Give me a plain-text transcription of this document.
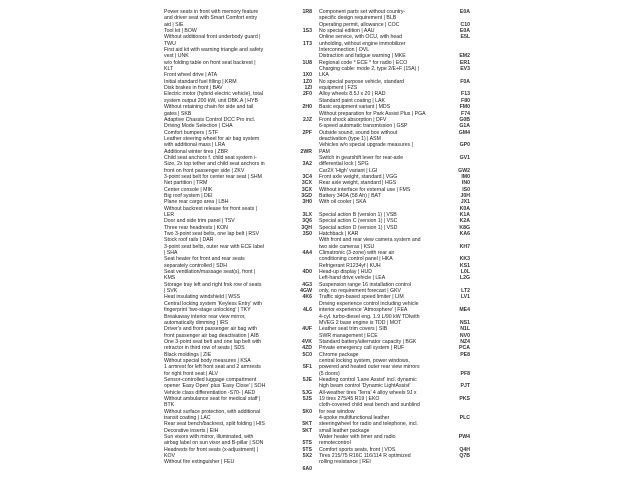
Power seats in front with memory feature
and driver seat with Smart Comfort entry
aid | SIE
Tool kit | BOW
Without additional front underbody guard |
TWU
First aid kit with warning triangle and safety
vest | UNK
w/o folding table on front seat backrest |
KLT
Front wheel drive | ATA
Initial standard fuel filling | KRM
Disk brakes in front | BAV
Electric motor (hybrid electric vehicle), total
system output 200 kW, unit DBK.A | HYB
Without retaining chain for side and tail
gates | SKB
Adaptive Chassis Control DCC Pro incl.
Driving Mode Selection | CHA
Comfort bumpers | STF
Leather steering wheel for air bag system
with additional mass | LRA
Additional winter tires | ZBR
Child seat anchors f. child seat system i-
Size, 2x top tether and child seat anchors in
front on front passenger side | ZKV
3-point seat belt for center rear seat | SHM
Net partition | TRM
Center console | MIK
Big roof system | DEI
Plane rear cargo area | LBH
Without backrest release for front seats |
LER
Door and side trim panel | TSV
Three rear headrests | KON
Two 3-point seat belts, one lap belt | RSV
Stock roof rails | DAR
3-point seat belts, outer rear with ECE label
| SHA
Seat heater for front and rear seats
separately controlled | SDH
Seat ventilation/massage seat(s), front |
KMS
Storage tray left and right frsk row of seats
| SVK
Heat insulating windshield | WSS
Central locking system 'Keyless Entry' with
fingerprint 'two-stage unlocking' | TKY
Breakaway interior rear view mirror,
automatically dimming | IRS
Driver's and front passenger air bag with
front passenger air bag deactivation | AIB
One 3-point seat belt and one lap belt with
retractor in third row of seats | SDS
Black moldings | ZIE
Without special body measures | KSA
1 armrest for left front seat and 2 armrests
for right front seat | ALV
Sensor-controlled luggage compartment
opener 'Easy Open' plus 'Easy Close' | SOH
Vehicle class differentiation -S70- | AED
Without ambulance seat for medical staff |
BTK
Without surface protection, with additional
transit coating | LAC
Rear seat bench/backrest, split folding | HIS
Decorative inserts | EIH
Sun visors with mirror, illuminated, with
airbag label on sun visor and B-pillar | SON
Headrests for front seats (x-adjustment) |
KOV
Without fire extinguisher | FEU
1R8

1S3

1T3

1U8

1X0
1Z0
1ZI
2F0

2H0

2JZ

2PF

2WR

3A2

3C4
3CX
3CX
3GD
3H0

3LX
3Q6
3QH
3S0

4A4

4D0

4G3
4GW
4K6

4L6

4UF

4VK
4ZD
5C0

5F1

5JE

5JG
5JS

5K0

5KT
5KT

5TS
5TS
5X2

6A0
Component parts set without country-
specific design requirement | BLB
Operating permit, allowance | COC
No special edition | AAU
Online service, with OCU, with head
unholding, without engine immobilizer
Interconnection | OVL
Distraction and fatigue warning | MKE
Regional code * ECE * for radio | ECO
Charging cable: mode 2, type 2/E+F (15A) |
LKA
No special purpose vehicle, standard
equipment | FZS
Alloy wheels 8.5J x 20 | RAD
Standard paint coating | LAK
Basic equipment variant | MDS
Without preparation for Park Assist Plus | PGA
Front shock absorption | DFV
6-speed automatic transmission | GSP
Outside sound, sound box without
deactivation (type 1) | ASM
Vehicles w/o special upgrade measures |
PAM
Switch in gearshift lever for rear-axle
differential lock | SPG
Car2X 'High' variant | LGI
Front axle weight, standard | VGG
Rear axle weight, standard | HGS
Without interface for external use | FMS
Battery 340A (58 Ah) | BAT
With oil cooler | SKA

Special action B (version 1) | VSB
Special action C (version 1) | VSC
Special action D (version 1) | VSD
Hatchback | KAR
With front and rear view camera system and
two side cameras | KSU
Climatronic (3-zone) with rear air
conditioning control panel | HKA
Refrigerant R1234yf | KUH
Head-up display | HUD
Left-hand drive vehicle | LEA
Suspension range 16 installation control
only, no requirement forecast | GKV
Traffic sign-based speed limiter | LIM
Driving experience control including vehicle
interior experience 'Atmosphere' | FEA
4-cyl. turbo-diesel eng. 1.9 L/90 kW TDIwith
MVEG 2 base engine is TDD | MOT
Leather seat trim covers | SIB
SWR management | ECE
Standard battery/alternator capacity | BGK
Private emergency call system | RUF
Chrome package
central locking system, power windows,
powered and heated outer rear view mirrors
(5 doors)
Heading control 'Lane Assist' incl. dynamic
high beam control 'Dynamic LightAssist'
All-weather tires 'Terra' 4 alloy wheels 9J x
19 tires 275/45 R19 | EKO
cloth-covered child seat bench and sunblind
for rear window
4-spoke multifunctional leather
steeringwheel for radio and telephone, incl.
small leather package
Water heater with timer and radio
remotecontrol
Comfort sports seats, front | VOS
Tires 215/75 R16C 116/114 R optimized
rolling resistance | REI
E0A

C10
E0A
E5L

EM2
ER1
EV3

F0A

F13
F80
FM0
F74
G0B
G1A
GM4

GP0

GV1

GW2
IM0
IN0
IS0
J0H
JX1
K0A
K1A
K2A
K8G
KA6

KH7

KK3
KS1
L0L
L2G

LT2
LV1

ME4

NS1
N1L
NV0
NZ4
PCA
PE8

PF8

PJT

PKS

PLC

PW4

Q4H
Q7B
